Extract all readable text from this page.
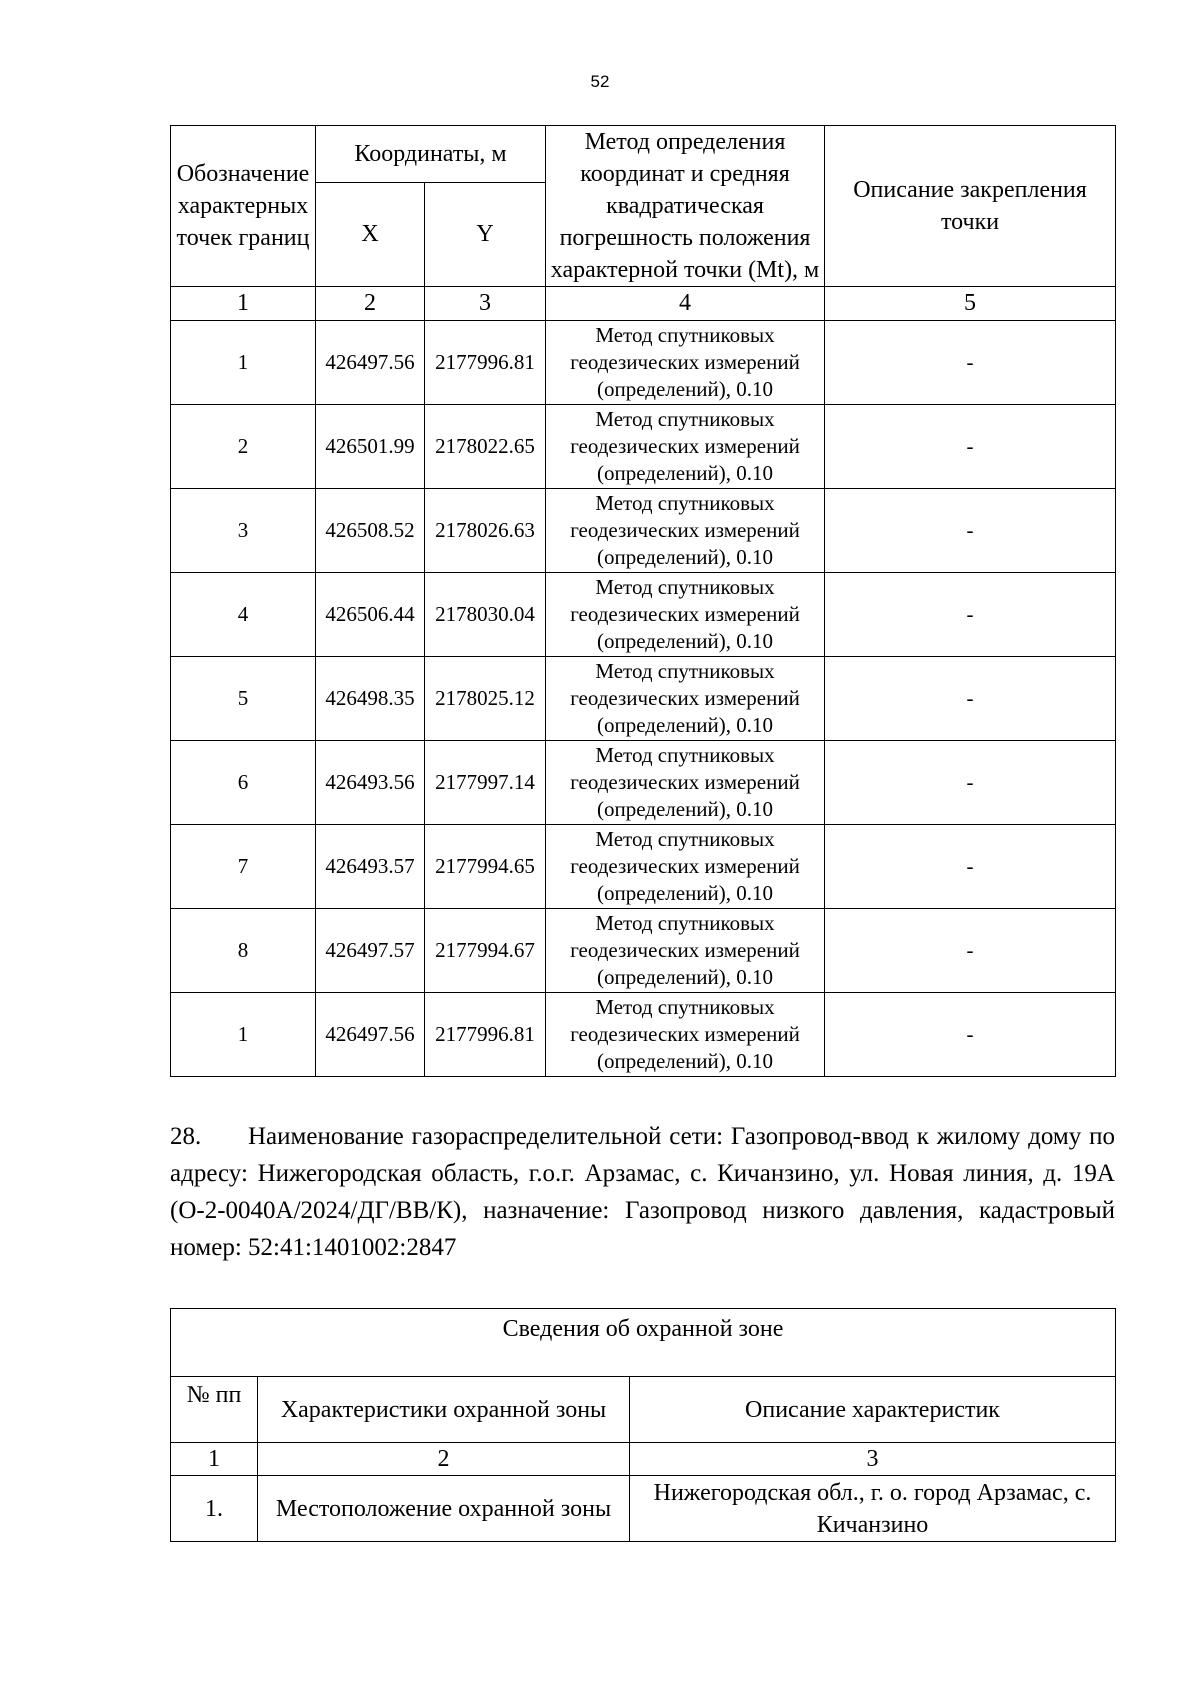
52
Обозначение характерных точек границ	Координаты, м		Метод определения координат и средняя квадратическая погрешность положения характерной точки (Mt), м	Описание закрепления точки
	X	Y		
1	2	3	4	5
1	426497.56	2177996.81	Метод спутниковых
геодезических измерений
(определений), 0.10	-
2	426501.99	2178022.65	Метод спутниковых
геодезических измерений
(определений), 0.10	-
3	426508.52	2178026.63	Метод спутниковых
геодезических измерений
(определений), 0.10	-
4	426506.44	2178030.04	Метод спутниковых
геодезических измерений
(определений), 0.10	-
5	426498.35	2178025.12	Метод спутниковых
геодезических измерений
(определений), 0.10	-
6	426493.56	2177997.14	Метод спутниковых
геодезических измерений
(определений), 0.10	-
7	426493.57	2177994.65	Метод спутниковых
геодезических измерений
(определений), 0.10	-
8	426497.57	2177994.67	Метод спутниковых
геодезических измерений
(определений), 0.10	-
1	426497.56	2177996.81	Метод спутниковых
геодезических измерений
(определений), 0.10	-
28. Наименование газораспределительной сети: Газопровод-ввод к жилому дому по адресу: Нижегородская область, г.о.г. Арзамас, с. Кичанзино, ул. Новая линия, д. 19А (О-2-0040А/2024/ДГ/ВВ/К), назначение: Газопровод низкого давления, кадастровый номер: 52:41:1401002:2847
Сведения об охранной зоне		
№ пп	Характеристики охранной зоны	Описание характеристик
1	2	3
1.	Местоположение охранной зоны	Нижегородская обл., г. о. город Арзамас, с. Кичанзино
